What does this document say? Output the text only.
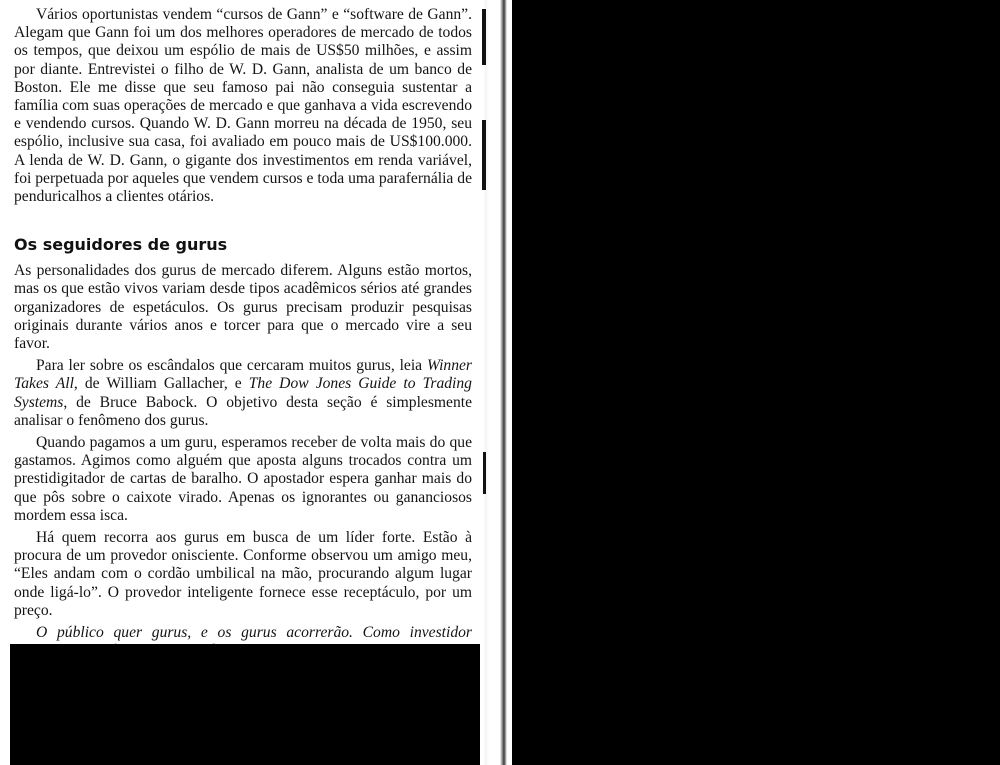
Vários oportunistas vendem “cursos de Gann” e “software de Gann”. Alegam que Gann foi um dos melhores operadores de mercado de todos os tempos, que deixou um espólio de mais de US$50 milhões, e assim por diante. Entrevistei o filho de W. D. Gann, analista de um banco de Boston. Ele me disse que seu famoso pai não conseguia sustentar a família com suas operações de mercado e que ganhava a vida escrevendo e vendendo cursos. Quando W. D. Gann morreu na década de 1950, seu espólio, inclusive sua casa, foi avaliado em pouco mais de US$100.000. A lenda de W. D. Gann, o gigante dos investimentos em renda variável, foi perpetuada por aqueles que vendem cursos e toda uma parafernália de penduricalhos a clientes otários.

Os seguidores de gurus

As personalidades dos gurus de mercado diferem. Alguns estão mortos, mas os que estão vivos variam desde tipos acadêmicos sérios até grandes organizadores de espetáculos. Os gurus precisam produzir pesquisas originais durante vários anos e torcer para que o mercado vire a seu favor.

Para ler sobre os escândalos que cercaram muitos gurus, leia Winner Takes All, de William Gallacher, e The Dow Jones Guide to Trading Systems, de Bruce Babock. O objetivo desta seção é simplesmente analisar o fenômeno dos gurus.

Quando pagamos a um guru, esperamos receber de volta mais do que gastamos. Agimos como alguém que aposta alguns trocados contra um prestidigitador de cartas de baralho. O apostador espera ganhar mais do que pôs sobre o caixote virado. Apenas os ignorantes ou gananciosos mordem essa isca.

Há quem recorra aos gurus em busca de um líder forte. Estão à procura de um provedor onisciente. Conforme observou um amigo meu, “Eles andam com o cordão umbilical na mão, procurando algum lugar onde ligá-lo”. O provedor inteligente fornece esse receptáculo, por um preço.

O público quer gurus, e os gurus acorrerão. Como investidor
